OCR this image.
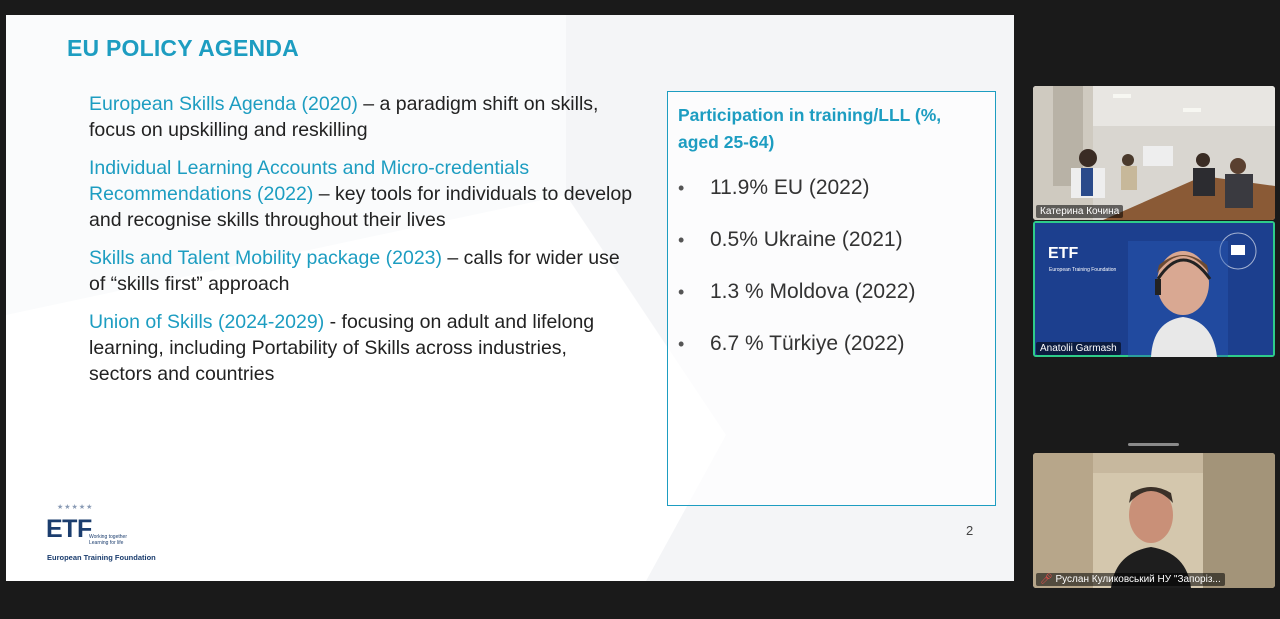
EU POLICY AGENDA
European Skills Agenda (2020) – a paradigm shift on skills, focus on upskilling and reskilling
Individual Learning Accounts and Micro-credentials Recommendations (2022) – key tools for individuals to develop and recognise skills throughout their lives
Skills and Talent Mobility package (2023) – calls for wider use of “skills first” approach
Union of Skills (2024-2029) - focusing on adult and lifelong learning, including Portability of Skills across industries, sectors and countries
Participation in training/LLL (%, aged 25-64)
•	11.9% EU (2022)
•	0.5% Ukraine (2021)
•	1.3 % Moldova (2022)
•	6.7 % Türkiye (2022)
2
★★★★★
ETF
Working together Learning for life
European Training Foundation
Катерина Кочина
ETF
European Training Foundation
Anatolii Garmash
🎤︎ Руслан Куликовський НУ "Запоріз...
